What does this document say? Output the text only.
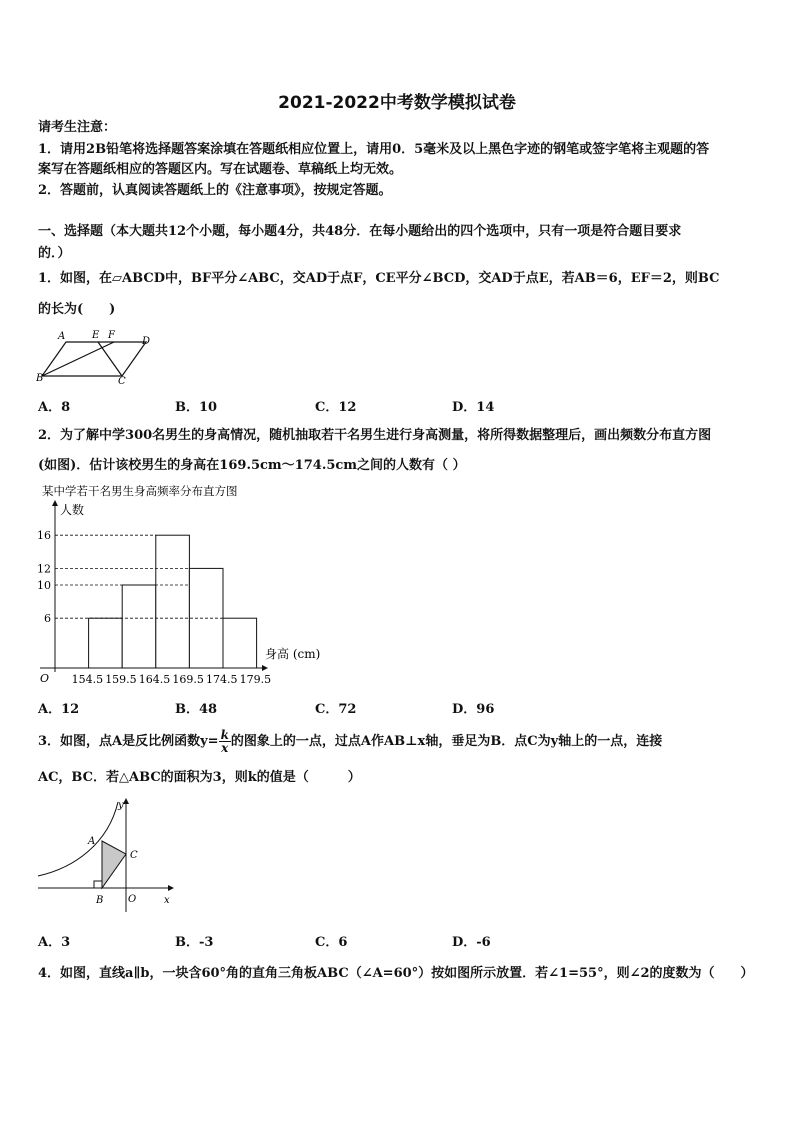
2021-2022中考数学模拟试卷
请考生注意：
1．请用2B铅笔将选择题答案涂填在答题纸相应位置上，请用0．5毫米及以上黑色字迹的钢笔或签字笔将主观题的答
案写在答题纸相应的答题区内。写在试题卷、草稿纸上均无效。
2．答题前，认真阅读答题纸上的《注意事项》，按规定答题。
一、选择题（本大题共12个小题，每小题4分，共48分．在每小题给出的四个选项中，只有一项是符合题目要求
的．）
1．如图，在▱ABCD中，BF平分∠ABC，交AD于点F，CE平分∠BCD，交AD于点E，若AB＝6，EF＝2，则BC
的长为(　　)
A	E F
D
B	C
A．8	B．10	C．12	D．14
2．为了解中学300名男生的身高情况，随机抽取若干名男生进行身高测量，将所得数据整理后，画出频数分布直方图
(如图)．估计该校男生的身高在169.5cm～174.5cm之间的人数有（ ）
某中学若干名男生身高频率分布直方图
人数
身高 (cm)
O
6
10
12
16
154.5 159.5 164.5 169.5 174.5 179.5
A．12	B．48	C．72	D．96
3．如图，点A是反比例函数$y= \frac{k}{x}$ 的图象上的一点，过点A作AB⊥x轴，垂足为B．点C为y轴上的一点，连接
AC，BC．若△ABC的面积为3，则k的值是（　　　）
y
A
C
B O	x
A．3	B．-3	C．6	D．-6
4．如图，直线a∥b，一块含60°角的直角三角板ABC（∠A=60°）按如图所示放置．若∠1=55°，则∠2的度数为（　　）
